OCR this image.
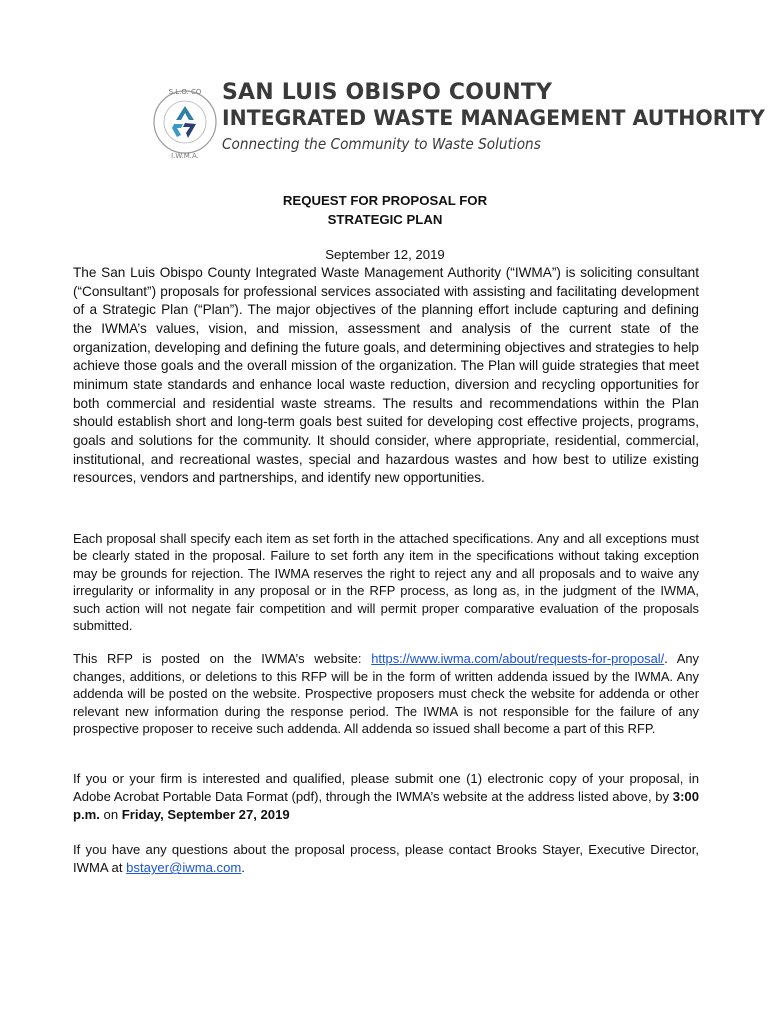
S.L.O. CO
I.W.M.A.
SAN LUIS OBISPO COUNTY
INTEGRATED WASTE MANAGEMENT AUTHORITY
Connecting the Community to Waste Solutions
REQUEST FOR PROPOSAL FOR
STRATEGIC PLAN
September 12, 2019

The San Luis Obispo County Integrated Waste Management Authority (“IWMA”) is soliciting consultant (“Consultant”) proposals for professional services associated with assisting and facilitating development of a Strategic Plan (“Plan”). The major objectives of the planning effort include capturing and defining the IWMA’s values, vision, and mission, assessment and analysis of the current state of the organization, developing and defining the future goals, and determining objectives and strategies to help achieve those goals and the overall mission of the organization. The Plan will guide strategies that meet minimum state standards and enhance local waste reduction, diversion and recycling opportunities for both commercial and residential waste streams. The results and recommendations within the Plan should establish short and long-term goals best suited for developing cost effective projects, programs, goals and solutions for the community. It should consider, where appropriate, residential, commercial, institutional, and recreational wastes, special and hazardous wastes and how best to utilize existing resources, vendors and partnerships, and identify new opportunities.

Each proposal shall specify each item as set forth in the attached specifications. Any and all exceptions must be clearly stated in the proposal. Failure to set forth any item in the specifications without taking exception may be grounds for rejection. The IWMA reserves the right to reject any and all proposals and to waive any irregularity or informality in any proposal or in the RFP process, as long as, in the judgment of the IWMA, such action will not negate fair competition and will permit proper comparative evaluation of the proposals submitted.

This RFP is posted on the IWMA’s website: https://www.iwma.com/about/requests-for-proposal/. Any changes, additions, or deletions to this RFP will be in the form of written addenda issued by the IWMA. Any addenda will be posted on the website. Prospective proposers must check the website for addenda or other relevant new information during the response period. The IWMA is not responsible for the failure of any prospective proposer to receive such addenda. All addenda so issued shall become a part of this RFP.

If you or your firm is interested and qualified, please submit one (1) electronic copy of your proposal, in Adobe Acrobat Portable Data Format (pdf), through the IWMA’s website at the address listed above, by 3:00 p.m. on Friday, September 27, 2019

If you have any questions about the proposal process, please contact Brooks Stayer, Executive Director, IWMA at bstayer@iwma.com.
